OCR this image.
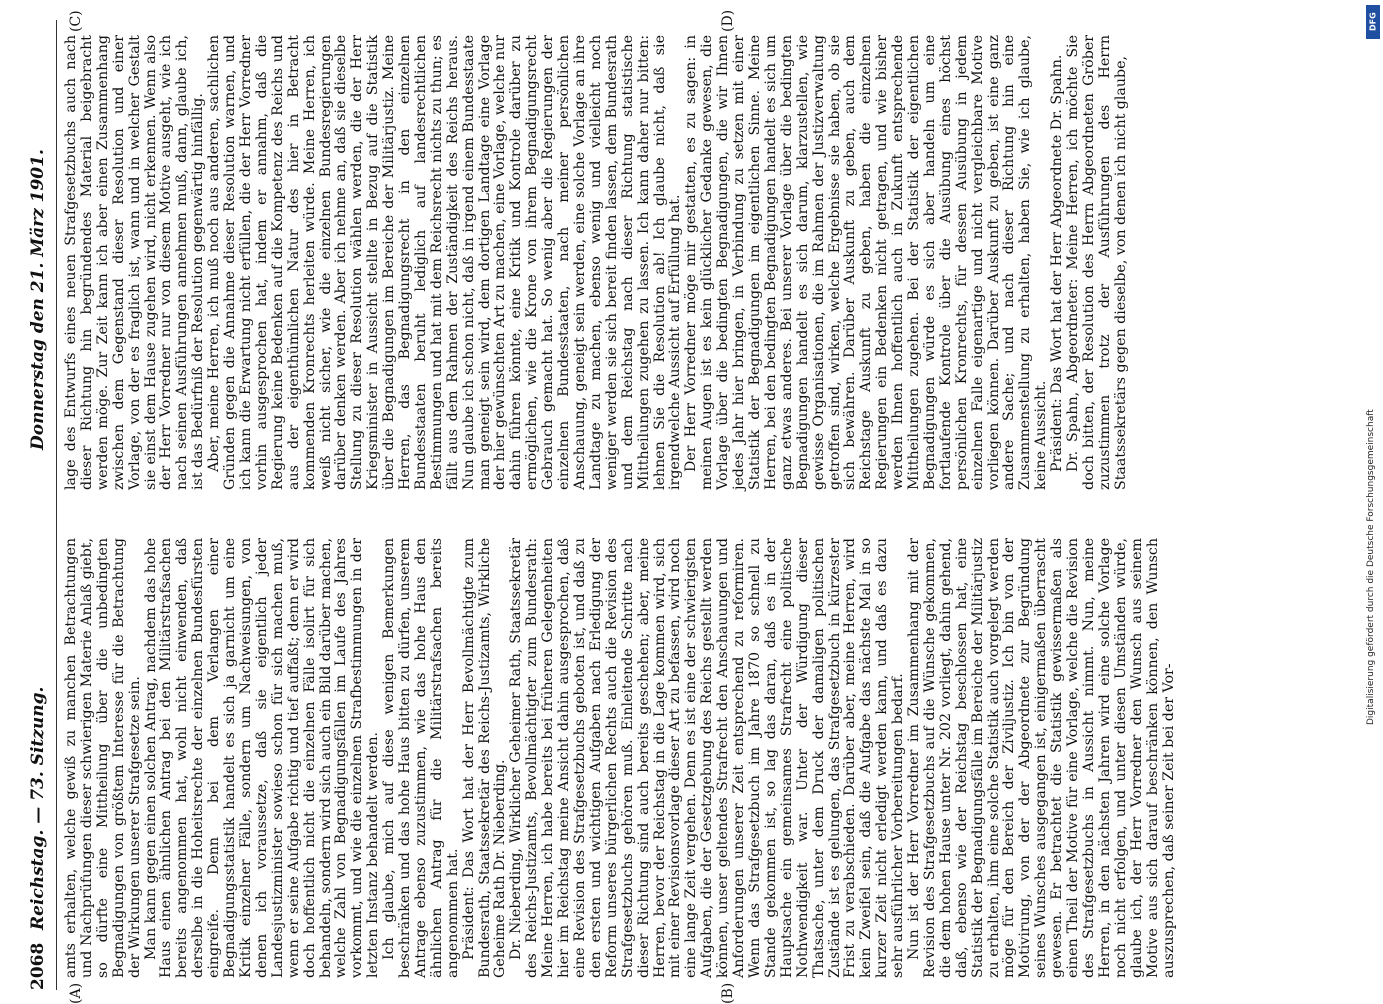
2068
Reichstag. — 73. Sitzung.
Donnerstag den 21. März 1901.
(A)	(B)
(C)	(D)

amts erhalten, welche gewiß zu manchen Betrachtungen und Nachprüfungen dieser schwierigen Materie Anlaß giebt, so dürfte eine Mittheilung über die unbedingten Begnadigungen von größtem Interesse für die Betrachtung der Wirkungen unserer Strafgesetze sein. Man kann gegen einen solchen Antrag, nachdem das hohe Haus einen ähnlichen Antrag bei den Militärstrafsachen bereits angenommen hat, wohl nicht einwenden, daß derselbe in die Hoheitsrechte der einzelnen Bundesfürsten eingreife. Denn bei dem Verlangen einer Begnadigungsstatistik handelt es sich ja garnicht um eine Kritik einzelner Fälle, sondern um Nachweisungen, von denen ich voraussetze, daß sie eigentlich jeder Landesjustizminister sowieso schon für sich machen muß, wenn er seine Aufgabe richtig und tief auffaßt; denn er wird doch hoffentlich nicht die einzelnen Fälle isolirt für sich behandeln, sondern wird sich auch ein Bild darüber machen, welche Zahl von Begnadigungsfällen im Laufe des Jahres vorkommt, und wie die einzelnen Strafbestimmungen in der letzten Instanz behandelt werden. Ich glaube, mich auf diese wenigen Bemerkungen beschränken und das hohe Haus bitten zu dürfen, unserem Antrage ebenso zuzustimmen, wie das hohe Haus den ähnlichen Antrag für die Militärstrafsachen bereits angenommen hat. Präsident: Das Wort hat der Herr Bevollmächtigte zum Bundesrath, Staatssekretär des Reichs-Justizamts, Wirkliche Geheime Rath Dr. Nieberding. Dr. Nieberding, Wirklicher Geheimer Rath, Staatssekretär des Reichs-Justizamts, Bevollmächtigter zum Bundesrath: Meine Herren, ich habe bereits bei früheren Gelegenheiten hier im Reichstag meine Ansicht dahin ausgesprochen, daß eine Revision des Strafgesetzbuchs geboten ist, und daß zu den ersten und wichtigen Aufgaben nach Erledigung der Reform unseres bürgerlichen Rechts auch die Revision des Strafgesetzbuchs gehören muß. Einleitende Schritte nach dieser Richtung sind auch bereits geschehen; aber, meine Herren, bevor der Reichstag in die Lage kommen wird, sich mit einer Revisionsvorlage dieser Art zu befassen, wird noch eine lange Zeit vergehen. Denn es ist eine der schwierigsten Aufgaben, die der Gesetzgebung des Reichs gestellt werden können, unser geltendes Strafrecht den Anschauungen und Anforderungen unserer Zeit entsprechend zu reformiren. Wenn das Strafgesetzbuch im Jahre 1870 so schnell zu Stande gekommen ist, so lag das daran, daß es in der Hauptsache ein gemeinsames Strafrecht eine politische Nothwendigkeit war. Unter der Würdigung dieser Thatsache, unter dem Druck der damaligen politischen Zustände ist es gelungen, das Strafgesetzbuch in kürzester Frist zu verabschieden. Darüber aber, meine Herren, wird kein Zweifel sein, daß die Aufgabe das nächste Mal in so kurzer Zeit nicht erledigt werden kann, und daß es dazu sehr ausführlicher Vorbereitungen bedarf. Nun ist der Herr Vorredner im Zusammenhang mit der Revision des Strafgesetzbuchs auf die Wünsche gekommen, die dem hohen Hause unter Nr. 202 vorliegt, dahin gehend, daß, ebenso wie der Reichstag beschlossen hat, eine Statistik der Begnadigungsfälle im Bereiche der Militärjustiz zu erhalten, ihm eine solche Statistik auch vorgelegt werden möge für den Bereich der Ziviljustiz. Ich bin von der Motivirung, von der der Abgeordnete zur Begründung seines Wunsches ausgegangen ist, einigermaßen überrascht gewesen. Er betrachtet die Statistik gewissermaßen als einen Theil der Motive für eine Vorlage, welche die Revision des Strafgesetzbuchs in Aussicht nimmt. Nun, meine Herren, in den nächsten Jahren wird eine solche Vorlage noch nicht erfolgen, und unter diesen Umständen würde, glaube ich, der Herr Vorredner den Wunsch aus seinem Motive aus sich darauf beschränken können, den Wunsch auszusprechen, daß seiner Zeit bei der Vor-

lage des Entwurfs eines neuen Strafgesetzbuchs auch nach dieser Richtung hin begründendes Material beigebracht werden möge. Zur Zeit kann ich aber einen Zusammenhang zwischen dem Gegenstand dieser Resolution und einer Vorlage, von der es fraglich ist, wann und in welcher Gestalt sie einst dem Hause zugehen wird, nicht erkennen. Wenn also der Herr Vorredner nur von diesem Motive ausgeht, wie ich nach seinen Ausführungen annehmen muß, dann, glaube ich, ist das Bedürfniß der Resolution gegenwärtig hinfällig. Aber, meine Herren, ich muß noch aus anderen, sachlichen Gründen gegen die Annahme dieser Resolution warnen, und ich kann die Erwartung nicht erfüllen, die der Herr Vorredner vorhin ausgesprochen hat, indem er annahm, daß die Regierung keine Bedenken auf die Kompetenz des Reichs und aus der eigenthümlichen Natur des hier in Betracht kommenden Kronrechts herleiten würde. Meine Herren, ich weiß nicht sicher, wie die einzelnen Bundesregierungen darüber denken werden. Aber ich nehme an, daß sie dieselbe Stellung zu dieser Resolution wählen werden, die der Herr Kriegsminister in Aussicht stellte in Bezug auf die Statistik über die Begnadigungen im Bereiche der Militärjustiz. Meine Herren, das Begnadigungsrecht in den einzelnen Bundesstaaten beruht lediglich auf landesrechtlichen Bestimmungen und hat mit dem Reichsrecht nichts zu thun; es fällt aus dem Rahmen der Zuständigkeit des Reichs heraus. Nun glaube ich schon nicht, daß in irgend einem Bundesstaate man geneigt sein wird, dem dortigen Landtage eine Vorlage der hier gewünschten Art zu machen, eine Vorlage, welche nur dahin führen könnte, eine Kritik und Kontrole darüber zu ermöglichen, wie die Krone von ihrem Begnadigungsrecht Gebrauch gemacht hat. So wenig aber die Regierungen der einzelnen Bundesstaaten, nach meiner persönlichen Anschauung, geneigt sein werden, eine solche Vorlage an ihre Landtage zu machen, ebenso wenig und vielleicht noch weniger werden sie sich bereit finden lassen, dem Bundesrath und dem Reichstag nach dieser Richtung statistische Mittheilungen zugehen zu lassen. Ich kann daher nur bitten: lehnen Sie die Resolution ab! Ich glaube nicht, daß sie irgendwelche Aussicht auf Erfüllung hat. Der Herr Vorredner möge mir gestatten, es zu sagen: in meinen Augen ist es kein glücklicher Gedanke gewesen, die Vorlage über die bedingten Begnadigungen, die wir Ihnen jedes Jahr hier bringen, in Verbindung zu setzen mit einer Statistik der Begnadigungen im eigentlichen Sinne. Meine Herren, bei den bedingten Begnadigungen handelt es sich um ganz etwas anderes. Bei unserer Vorlage über die bedingten Begnadigungen handelt es sich darum, klarzustellen, wie gewisse Organisationen, die im Rahmen der Justizverwaltung getroffen sind, wirken, welche Ergebnisse sie haben, ob sie sich bewähren. Darüber Auskunft zu geben, auch dem Reichstage Auskunft zu geben, haben die einzelnen Regierungen ein Bedenken nicht getragen, und wie bisher werden Ihnen hoffentlich auch in Zukunft entsprechende Mittheilungen zugehen. Bei der Statistik der eigentlichen Begnadigungen würde es sich aber handeln um eine fortlaufende Kontrole über die Ausübung eines höchst persönlichen Kronrechts, für dessen Ausübung in jedem einzelnen Falle eigenartige und nicht vergleichbare Motive vorliegen können. Darüber Auskunft zu geben, ist eine ganz andere Sache; und nach dieser Richtung hin eine Zusammenstellung zu erhalten, haben Sie, wie ich glaube, keine Aussicht. Präsident: Das Wort hat der Herr Abgeordnete Dr. Spahn. Dr. Spahn, Abgeordneter: Meine Herren, ich möchte Sie doch bitten, der Resolution des Herrn Abgeordneten Gröber zuzustimmen trotz der Ausführungen des Herrn Staatssekretärs gegen dieselbe, von denen ich nicht glaube,

DFG
Digitalisierung gefördert durch die Deutsche Forschungsgemeinschaft
